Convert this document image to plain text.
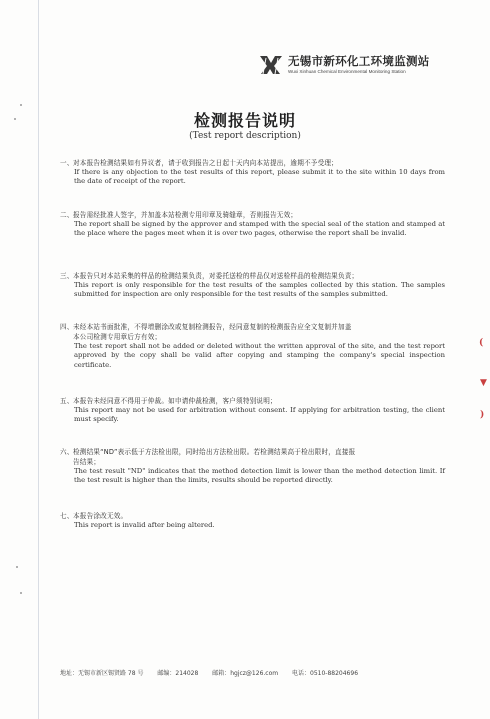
无锡市新环化工环境监测站
Wuxi Xinhuan Chemical Environmental Monitoring Station
检测报告说明
(Test report description)
一、对本报告检测结果如有异议者，请于收到报告之日起十天内向本站提出，逾期不予受理；
If there is any objection to the test results of this report, please submit it to the site within 10 days from the date of receipt of the report.
二、报告需经批准人签字，并加盖本站检测专用印章及骑缝章，否则报告无效；
The report shall be signed by the approver and stamped with the special seal of the station and stamped at the place where the pages meet when it is over two pages, otherwise the report shall be invalid.
三、本报告只对本站采集的样品的检测结果负责，对委托送检的样品仅对送检样品的检测结果负责；
This report is only responsible for the test results of the samples collected by this station. The samples submitted for inspection are only responsible for the test results of the samples submitted.
四、未经本站书面批准，不得增删涂改或复制检测报告，经同意复制的检测报告应全文复制并加盖
本公司检测专用章后方有效；
The test report shall not be added or deleted without the written approval of the site, and the test report approved by the copy shall be valid after copying and stamping the company's special inspection certificate.
五、本报告未经同意不得用于仲裁。如申请仲裁检测，客户须特别说明；
This report may not be used for arbitration without consent. If applying for arbitration testing, the client must specify.
六、检测结果“ND”表示低于方法检出限，同时给出方法检出限。若检测结果高于检出限时，直接报
告结果；
The test result "ND" indicates that the method detection limit is lower than the method detection limit. If the test result is higher than the limits, results should be reported directly.
七、本报告涂改无效。
This report is invalid after being altered.
地址：无锡市新区锡贤路 78 号 邮编：214028 邮箱：hgjcz@126.com 电话：0510-88204696
(
▼
)
